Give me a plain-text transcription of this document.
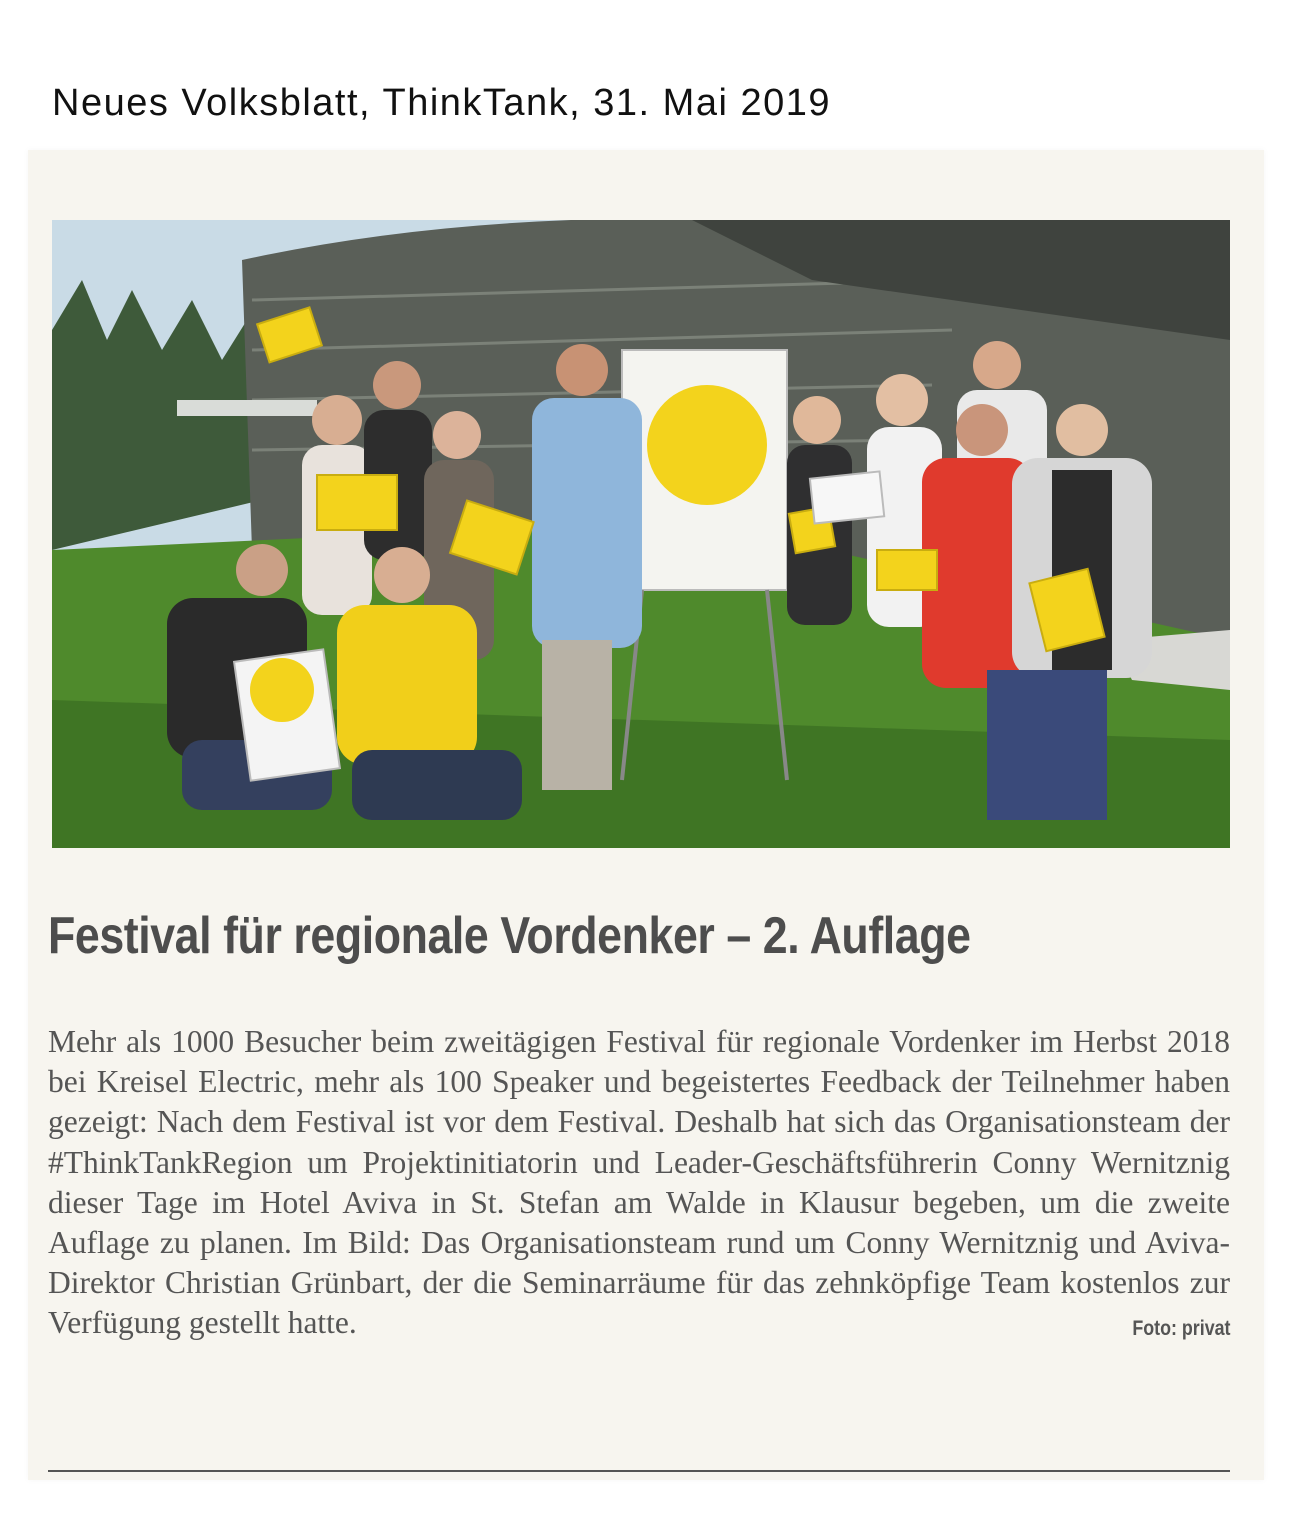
Neues Volksblatt, ThinkTank, 31. Mai 2019
Festival für regionale Vordenker – 2. Auflage
Mehr als 1000 Besucher beim zweitägigen Festival für regionale Vordenker im Herbst 2018 bei Kreisel Electric, mehr als 100 Speaker und begeistertes Feedback der Teilnehmer haben gezeigt: Nach dem Festival ist vor dem Festival. Deshalb hat sich das Organisationsteam der #ThinkTankRegion um Projektinitiatorin und Leader-Geschäftsführerin Conny Wernitznig dieser Tage im Hotel Aviva in St. Stefan am Walde in Klausur begeben, um die zweite Auflage zu planen. Im Bild: Das Organisationsteam rund um Conny Wernitznig und Aviva-Direktor Christian Grünbart, der die Seminarräume für das zehnköpfige Team kostenlos zur Verfügung gestellt hatte.	Foto: privat
